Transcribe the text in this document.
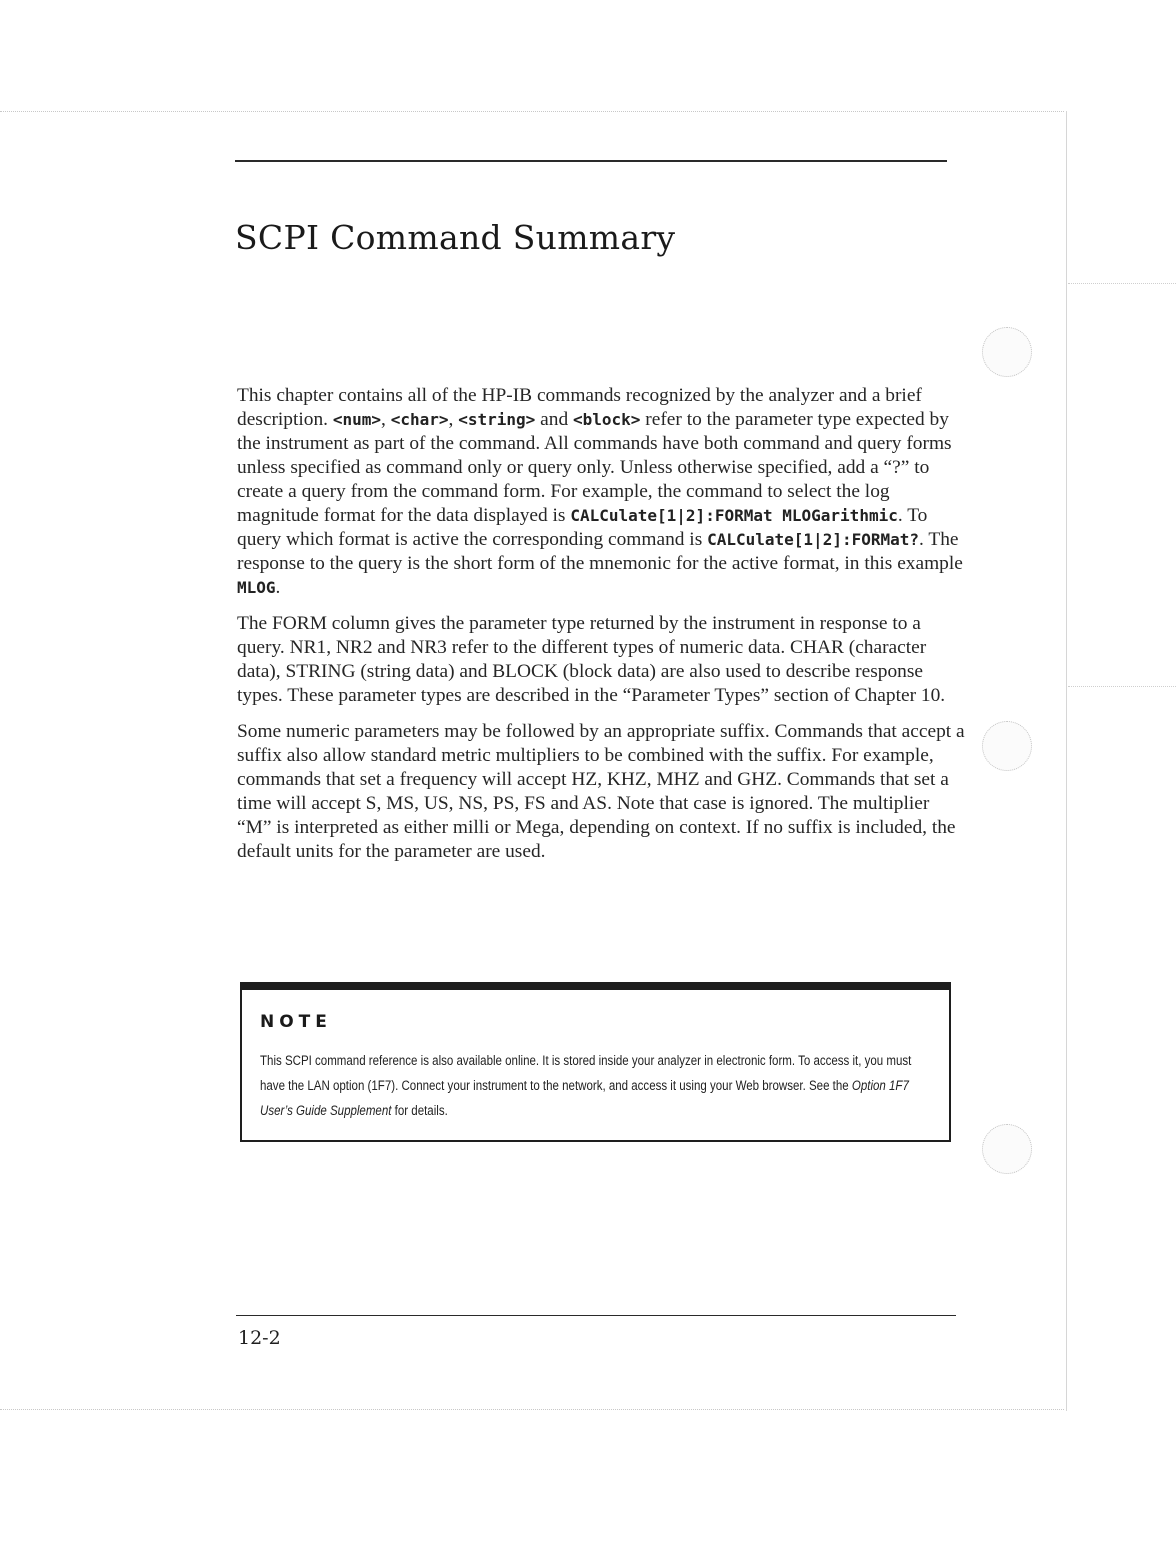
SCPI Command Summary

This chapter contains all of the HP-IB commands recognized by the analyzer and a brief description. <num>, <char>, <string> and <block> refer to the parameter type expected by the instrument as part of the command. All commands have both command and query forms unless specified as command only or query only. Unless otherwise specified, add a “?” to create a query from the command form. For example, the command to select the log magnitude format for the data displayed is CALCulate[1|2]:FORMat MLOGarithmic. To query which format is active the corresponding command is CALCulate[1|2]:FORMat?. The response to the query is the short form of the mnemonic for the active format, in this example MLOG.

The FORM column gives the parameter type returned by the instrument in response to a query. NR1, NR2 and NR3 refer to the different types of numeric data. CHAR (character data), STRING (string data) and BLOCK (block data) are also used to describe response types. These parameter types are described in the “Parameter Types” section of Chapter 10.

Some numeric parameters may be followed by an appropriate suffix. Commands that accept a suffix also allow standard metric multipliers to be combined with the suffix. For example, commands that set a frequency will accept HZ, KHZ, MHZ and GHZ. Commands that set a time will accept S, MS, US, NS, PS, FS and AS. Note that case is ignored. The multiplier “M” is interpreted as either milli or Mega, depending on context. If no suffix is included, the default units for the parameter are used.

NOTE

This SCPI command reference is also available online. It is stored inside your analyzer in electronic form. To access it, you must have the LAN option (1F7). Connect your instrument to the network, and access it using your Web browser. See the Option 1F7 User’s Guide Supplement for details.

12-2
